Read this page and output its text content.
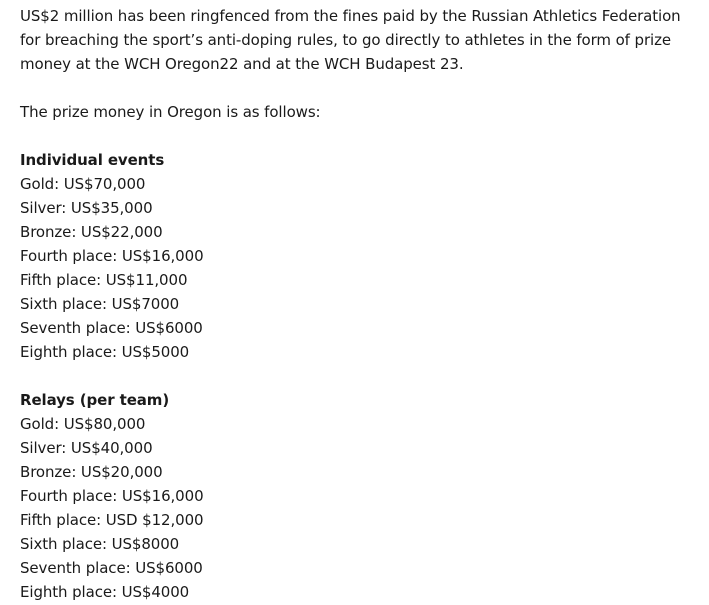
US$2 million has been ringfenced from the fines paid by the Russian Athletics Federation for breaching the sport’s anti-doping rules, to go directly to athletes in the form of prize money at the WCH Oregon22 and at the WCH Budapest 23.

The prize money in Oregon is as follows:

Individual events

Gold: US$70,000
Silver: US$35,000
Bronze: US$22,000
Fourth place: US$16,000
Fifth place: US$11,000
Sixth place: US$7000
Seventh place: US$6000
Eighth place: US$5000

Relays (per team)

Gold: US$80,000
Silver: US$40,000
Bronze: US$20,000
Fourth place: US$16,000
Fifth place: USD $12,000
Sixth place: US$8000
Seventh place: US$6000
Eighth place: US$4000
